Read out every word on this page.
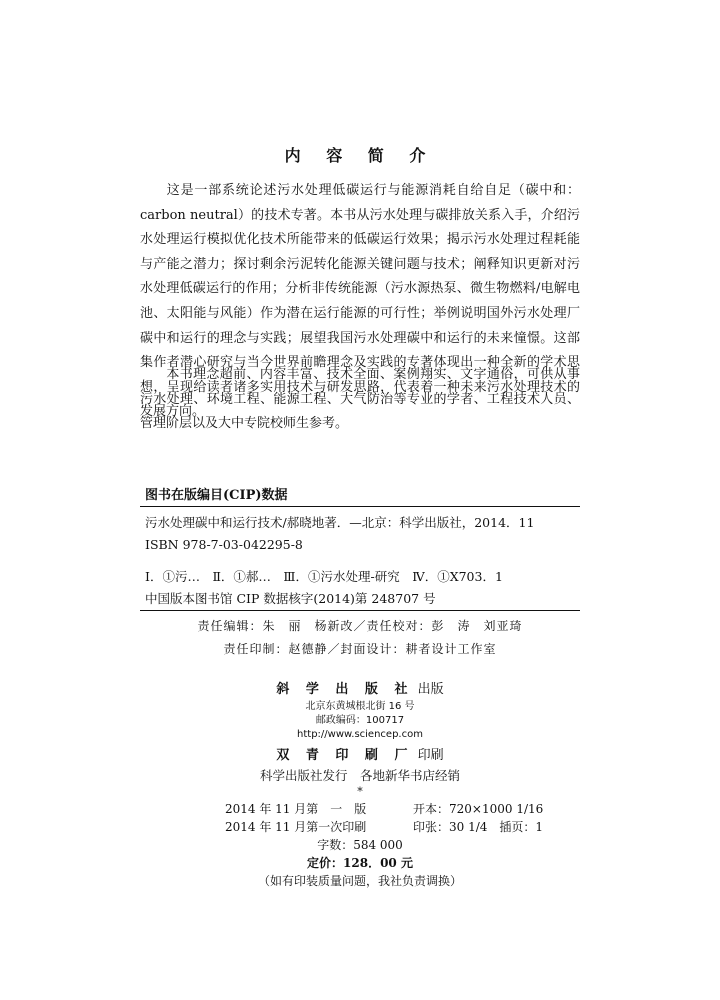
内 容 简 介

这是一部系统论述污水处理低碳运行与能源消耗自给自足（碳中和：carbon neutral）的技术专著。本书从污水处理与碳排放关系入手，介绍污水处理运行模拟优化技术所能带来的低碳运行效果；揭示污水处理过程耗能与产能之潜力；探讨剩余污泥转化能源关键问题与技术；阐释知识更新对污水处理低碳运行的作用；分析非传统能源（污水源热泵、微生物燃料/电解电池、太阳能与风能）作为潜在运行能源的可行性；举例说明国外污水处理厂碳中和运行的理念与实践；展望我国污水处理碳中和运行的未来憧憬。这部集作者潜心研究与当今世界前瞻理念及实践的专著体现出一种全新的学术思想，呈现给读者诸多实用技术与研发思路，代表着一种未来污水处理技术的发展方向。

本书理念超前、内容丰富、技术全面、案例翔实、文字通俗，可供从事污水处理、环境工程、能源工程、大气防治等专业的学者、工程技术人员、管理阶层以及大中专院校师生参考。

图书在版编目(CIP)数据
污水处理碳中和运行技术/郝晓地著．—北京：科学出版社，2014．11
ISBN 978-7-03-042295-8
Ⅰ．①污…　Ⅱ．①郝…　Ⅲ．①污水处理-研究　Ⅳ．①X703．1
中国版本图书馆 CIP 数据核字(2014)第 248707 号
责任编辑：朱　丽　杨新改／责任校对：彭　涛　刘亚琦
责任印制：赵德静／封面设计：耕者设计工作室
斜 学 出 版 社 出版
北京东黄城根北街 16 号
邮政编码：100717
http://www.sciencep.com
双 青 印 刷 厂 印刷
科学出版社发行　各地新华书店经销
*
2014 年 11 月第　一　版	开本：720×1000 1/16
2014 年 11 月第一次印刷	印张：30 1/4　插页：1
字数：584 000
定价：128．00 元
（如有印装质量问题，我社负责调换）
